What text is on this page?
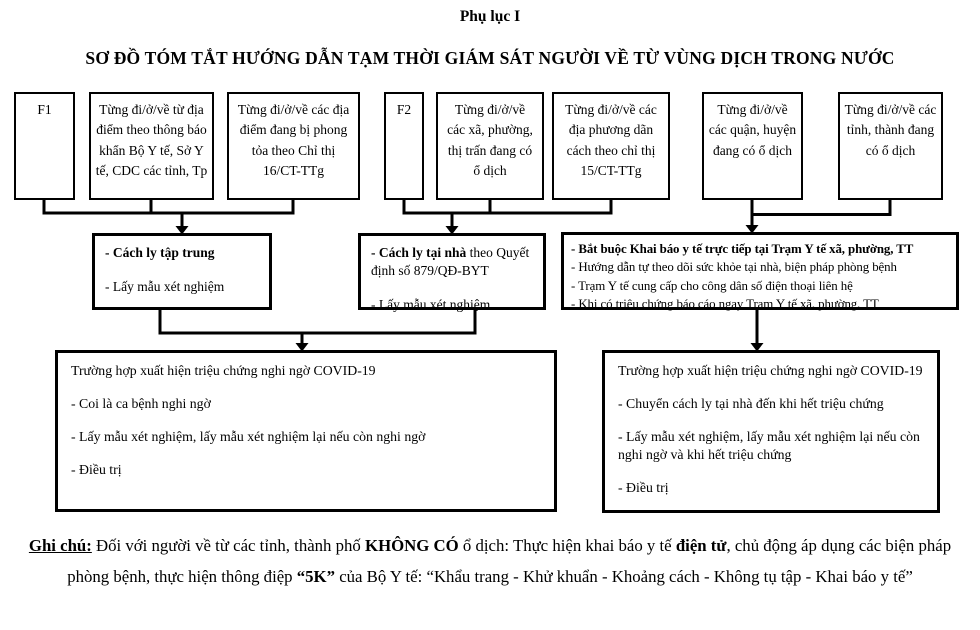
Phụ lục I
SƠ ĐỒ TÓM TẮT HƯỚNG DẪN TẠM THỜI GIÁM SÁT NGƯỜI VỀ TỪ VÙNG DỊCH TRONG NƯỚC
F1	Từng đi/ở/về từ địa điểm theo thông báo khẩn Bộ Y tế, Sở Y tế, CDC các tỉnh, Tp
Từng đi/ở/về các địa điểm đang bị phong tỏa theo Chỉ thị 16/CT-TTg
F2	Từng đi/ở/về các xã, phường, thị trấn đang có ổ dịch
Từng đi/ở/về các địa phương dãn cách theo chỉ thị 15/CT-TTg
Từng đi/ở/về các quận, huyện đang có ổ dịch
Từng đi/ở/về các tỉnh, thành đang có ổ dịch

- Cách ly tập trung

- Lấy mẫu xét nghiệm

- Cách ly tại nhà theo Quyết định số 879/QĐ-BYT

- Lấy mẫu xét nghiệm

- Bắt buộc Khai báo y tế trực tiếp tại Trạm Y tế xã, phường, TT

- Hướng dẫn tự theo dõi sức khỏe tại nhà, biện pháp phòng bệnh

- Trạm Y tế cung cấp cho công dân số điện thoại liên hệ

- Khi có triệu chứng báo cáo ngay Trạm Y tế xã, phường, TT

Trường hợp xuất hiện triệu chứng nghi ngờ COVID-19

- Coi là ca bệnh nghi ngờ

- Lấy mẫu xét nghiệm, lấy mẫu xét nghiệm lại nếu còn nghi ngờ

- Điều trị

Trường hợp xuất hiện triệu chứng nghi ngờ COVID-19

- Chuyển cách ly tại nhà đến khi hết triệu chứng

- Lấy mẫu xét nghiệm, lấy mẫu xét nghiệm lại nếu còn nghi ngờ và khi hết triệu chứng

- Điều trị

Ghi chú: Đối với người về từ các tỉnh, thành phố KHÔNG CÓ ổ dịch: Thực hiện khai báo y tế điện tử, chủ động áp dụng các biện pháp phòng bệnh, thực hiện thông điệp “5K” của Bộ Y tế: “Khẩu trang - Khử khuẩn - Khoảng cách - Không tụ tập - Khai báo y tế”
